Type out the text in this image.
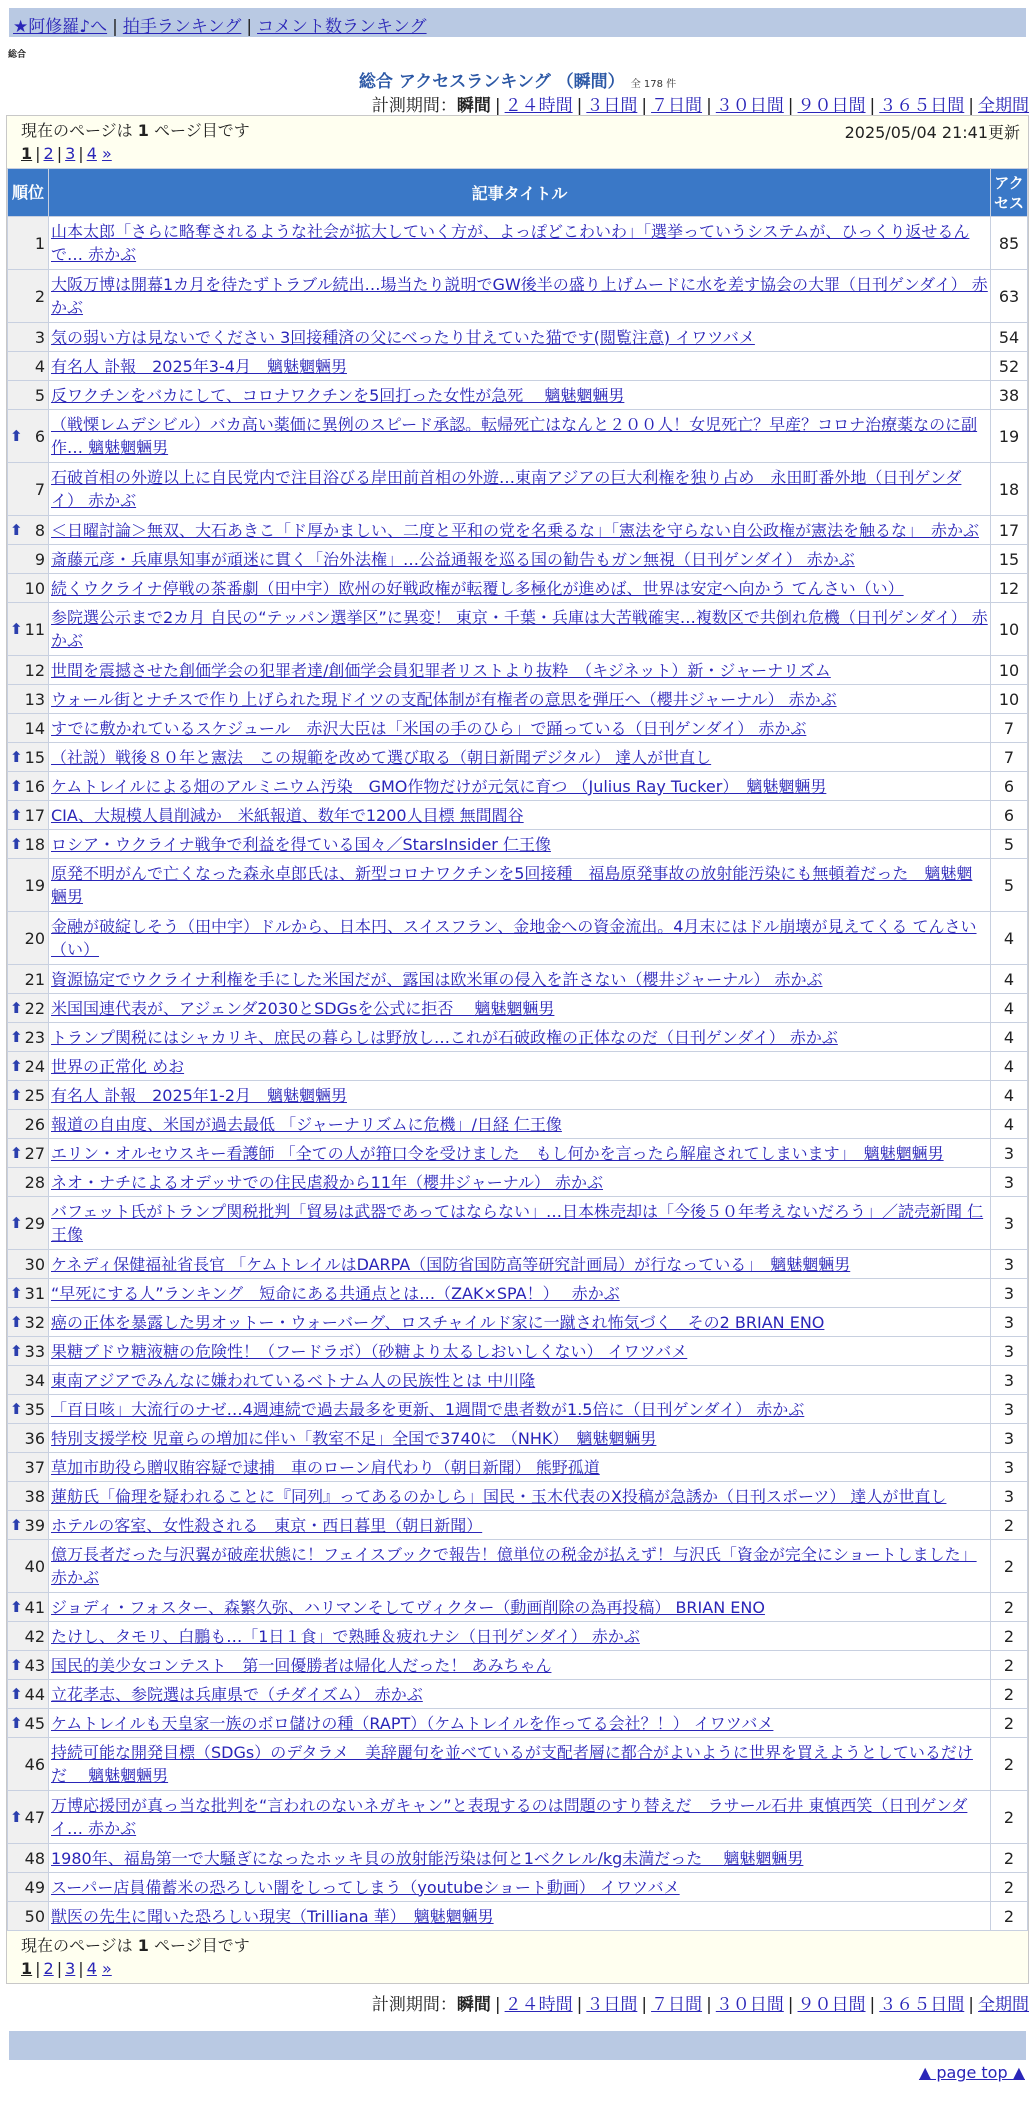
★阿修羅♪へ | 拍手ランキング | コメント数ランキング
総合
総合 アクセスランキング （瞬間） 全 178 件
計測期間：瞬間 | ２４時間 | ３日間 | ７日間 | ３０日間 | ９０日間 | ３６５日間 | 全期間
現在のページは 1 ページ目です	2025/05/04 21:41更新
1 | 2 | 3 | 4 »
順位	記事タイトル	アクセス
1	山本太郎「さらに略奪されるような社会が拡大していく方が、よっぽどこわいわ」「選挙っていうシステムが、ひっくり返せるんで… 赤かぶ	85
2	大阪万博は開幕1カ月を待たずトラブル続出…場当たり説明でGW後半の盛り上げムードに水を差す協会の大罪（日刊ゲンダイ） 赤かぶ	63
3	気の弱い方は見ないでください 3回接種済の父にべったり甘えていた猫です(閲覧注意) イワツバメ	54
4	有名人 訃報　2025年3-4月　魑魅魍魎男	52
5	反ワクチンをバカにして、コロナワクチンを5回打った女性が急死　 魑魅魍魎男	38

⬆ 6	（戦慄レムデシビル）バカ高い薬価に異例のスピード承認。転帰死亡はなんと２００人！女児死亡？早産？コロナ治療薬なのに副作… 魑魅魍魎男	19
7	石破首相の外遊以上に自民党内で注目浴びる岸田前首相の外遊…東南アジアの巨大利権を独り占め　永田町番外地（日刊ゲンダイ） 赤かぶ	18

⬆ 8	＜日曜討論＞無双、大石あきこ「ド厚かましい、二度と平和の党を名乗るな」「憲法を守らない自公政権が憲法を触るな」　赤かぶ	17
9	斎藤元彦・兵庫県知事が頑迷に貫く「治外法権」…公益通報を巡る国の勧告もガン無視（日刊ゲンダイ） 赤かぶ	15
10	続くウクライナ停戦の茶番劇（田中宇）欧州の好戦政権が転覆し多極化が進めば、世界は安定へ向かう てんさい（い）	12

⬆ 11	参院選公示まで2カ月 自民の“テッパン選挙区”に異変！ 東京・千葉・兵庫は大苦戦確実…複数区で共倒れ危機（日刊ゲンダイ） 赤かぶ	10
12	世間を震撼させた創価学会の犯罪者達/創価学会員犯罪者リストより抜粋　（キジネット）新・ジャーナリズム	10
13	ウォール街とナチスで作り上げられた現ドイツの支配体制が有権者の意思を弾圧へ（櫻井ジャーナル） 赤かぶ	10
14	すでに敷かれているスケジュール　赤沢大臣は「米国の手のひら」で踊っている（日刊ゲンダイ） 赤かぶ	7

⬆ 15	（社説）戦後８０年と憲法　この規範を改めて選び取る（朝日新聞デジタル） 達人が世直し	7

⬆ 16	ケムトレイルによる畑のアルミニウム汚染　GMO作物だけが元気に育つ （Julius Ray Tucker）　魑魅魍魎男	6

⬆ 17	CIA、大規模人員削減か　米紙報道、数年で1200人目標 無間閻谷	6

⬆ 18	ロシア・ウクライナ戦争で利益を得ている国々／StarsInsider 仁王像	5
19	原発不明がんで亡くなった森永卓郎氏は、新型コロナワクチンを5回接種　福島原発事故の放射能汚染にも無頓着だった　魑魅魍魎男	5
20	金融が破綻しそう（田中宇）ドルから、日本円、スイスフラン、金地金への資金流出。4月末にはドル崩壊が見えてくる てんさい（い）	4
21	資源協定でウクライナ利権を手にした米国だが、露国は欧米軍の侵入を許さない（櫻井ジャーナル） 赤かぶ	4

⬆ 22	米国国連代表が、アジェンダ2030とSDGsを公式に拒否　 魑魅魍魎男	4

⬆ 23	トランプ関税にはシャカリキ、庶民の暮らしは野放し…これが石破政権の正体なのだ（日刊ゲンダイ） 赤かぶ	4

⬆ 24	世界の正常化 めお	4

⬆ 25	有名人 訃報　2025年1-2月　魑魅魍魎男	4
26	報道の自由度、米国が過去最低 「ジャーナリズムに危機」/日経 仁王像	4

⬆ 27	エリン・オルセウスキー看護師 「全ての人が箝口令を受けました　もし何かを言ったら解雇されてしまいます」　魑魅魍魎男	3
28	ネオ・ナチによるオデッサでの住民虐殺から11年（櫻井ジャーナル） 赤かぶ	3

⬆ 29	バフェット氏がトランプ関税批判「貿易は武器であってはならない」…日本株売却は「今後５０年考えないだろう」／読売新聞 仁王像	3
30	ケネディ保健福祉省長官 「ケムトレイルはDARPA（国防省国防高等研究計画局）が行なっている」　魑魅魍魎男	3

⬆ 31	“早死にする人”ランキング　短命にある共通点とは…（ZAK×SPA！）　 赤かぶ	3

⬆ 32	癌の正体を暴露した男オットー・ウォーバーグ、ロスチャイルド家に一蹴され怖気づく　その2 BRIAN ENO	3

⬆ 33	果糖ブドウ糖液糖の危険性！（フードラボ）（砂糖より太るしおいしくない） イワツバメ	3
34	東南アジアでみんなに嫌われているベトナム人の民族性とは 中川隆	3

⬆ 35	「百日咳」大流行のナゼ…4週連続で過去最多を更新、1週間で患者数が1.5倍に（日刊ゲンダイ） 赤かぶ	3
36	特別支援学校 児童らの増加に伴い「教室不足」全国で3740に （NHK）　魑魅魍魎男	3
37	草加市助役ら贈収賄容疑で逮捕　車のローン肩代わり（朝日新聞） 熊野孤道	3
38	蓮舫氏「倫理を疑われることに『同列』ってあるのかしら」国民・玉木代表のX投稿が急誘か（日刊スポーツ） 達人が世直し	3

⬆ 39	ホテルの客室、女性殺される　東京・西日暮里（朝日新聞）	2
40	億万長者だった与沢翼が破産状態に！フェイスブックで報告！億単位の税金が払えず！与沢氏「資金が完全にショートしました」 赤かぶ	2

⬆ 41	ジョディ・フォスター、森繁久弥、ハリマンそしてヴィクター（動画削除の為再投稿） BRIAN ENO	2
42	たけし、タモリ、白鵬も…「1日１食」で熟睡＆疲れナシ（日刊ゲンダイ） 赤かぶ	2

⬆ 43	国民的美少女コンテスト　第一回優勝者は帰化人だった！ あみちゃん	2

⬆ 44	立花孝志、参院選は兵庫県で（チダイズム） 赤かぶ	2

⬆ 45	ケムトレイルも天皇家一族のボロ儲けの種（RAPT）（ケムトレイルを作ってる会社？！） イワツバメ	2
46	持続可能な開発目標（SDGs）のデタラメ　美辞麗句を並べているが支配者層に都合がよいように世界を買えようとしているだけだ　 魑魅魍魎男	2

⬆ 47	万博応援団が真っ当な批判を“言われのないネガキャン”と表現するのは問題のすり替えだ　ラサール石井 東慎西笑（日刊ゲンダイ… 赤かぶ	2
48	1980年、福島第一で大騒ぎになったホッキ貝の放射能汚染は何と1ベクレル/kg未満だった　 魑魅魍魎男	2
49	スーパー店員備蓄米の恐ろしい闇をしってしまう（youtubeショート動画） イワツバメ	2
50	獣医の先生に聞いた恐ろしい現実（Trilliana 華）　魑魅魍魎男	2
現在のページは 1 ページ目です
1 | 2 | 3 | 4 »
計測期間：瞬間 | ２４時間 | ３日間 | ７日間 | ３０日間 | ９０日間 | ３６５日間 | 全期間
▲ page top ▲
